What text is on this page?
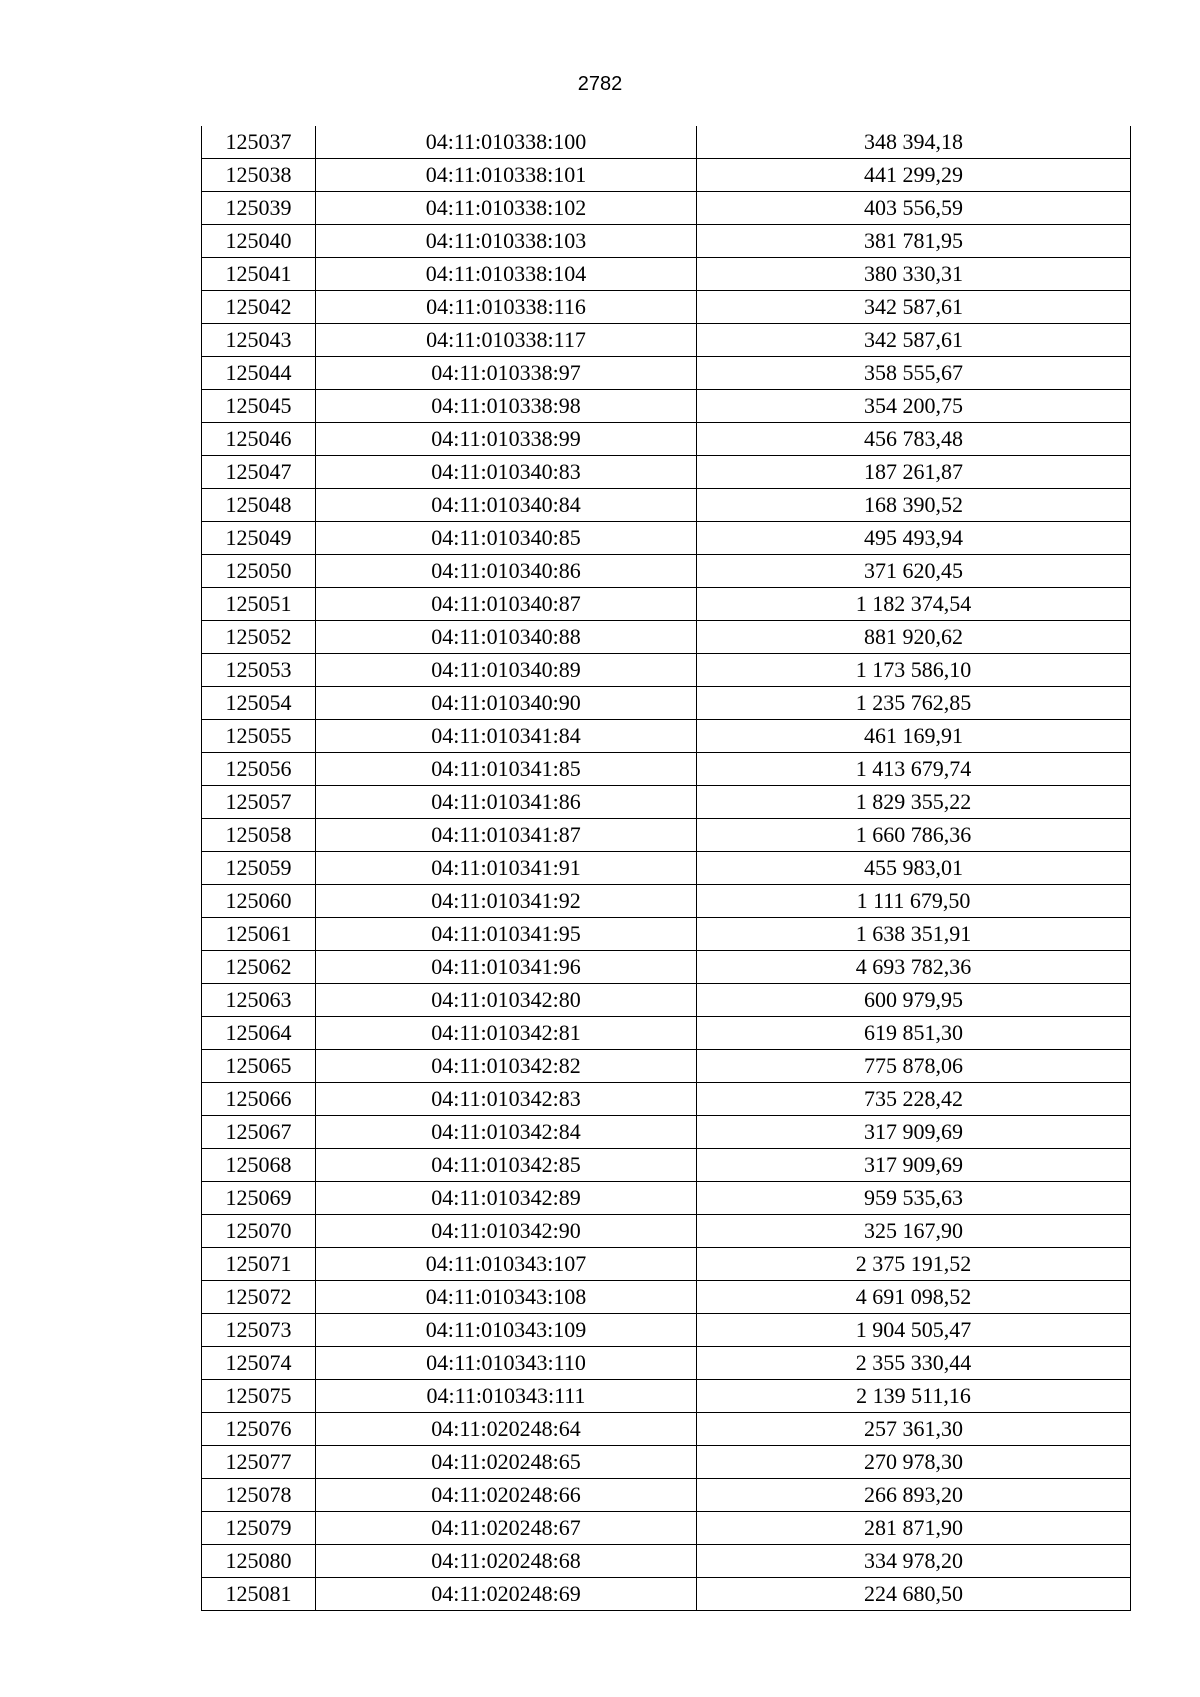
2782
125037	04:11:010338:100	348 394,18
125038	04:11:010338:101	441 299,29
125039	04:11:010338:102	403 556,59
125040	04:11:010338:103	381 781,95
125041	04:11:010338:104	380 330,31
125042	04:11:010338:116	342 587,61
125043	04:11:010338:117	342 587,61
125044	04:11:010338:97	358 555,67
125045	04:11:010338:98	354 200,75
125046	04:11:010338:99	456 783,48
125047	04:11:010340:83	187 261,87
125048	04:11:010340:84	168 390,52
125049	04:11:010340:85	495 493,94
125050	04:11:010340:86	371 620,45
125051	04:11:010340:87	1 182 374,54
125052	04:11:010340:88	881 920,62
125053	04:11:010340:89	1 173 586,10
125054	04:11:010340:90	1 235 762,85
125055	04:11:010341:84	461 169,91
125056	04:11:010341:85	1 413 679,74
125057	04:11:010341:86	1 829 355,22
125058	04:11:010341:87	1 660 786,36
125059	04:11:010341:91	455 983,01
125060	04:11:010341:92	1 111 679,50
125061	04:11:010341:95	1 638 351,91
125062	04:11:010341:96	4 693 782,36
125063	04:11:010342:80	600 979,95
125064	04:11:010342:81	619 851,30
125065	04:11:010342:82	775 878,06
125066	04:11:010342:83	735 228,42
125067	04:11:010342:84	317 909,69
125068	04:11:010342:85	317 909,69
125069	04:11:010342:89	959 535,63
125070	04:11:010342:90	325 167,90
125071	04:11:010343:107	2 375 191,52
125072	04:11:010343:108	4 691 098,52
125073	04:11:010343:109	1 904 505,47
125074	04:11:010343:110	2 355 330,44
125075	04:11:010343:111	2 139 511,16
125076	04:11:020248:64	257 361,30
125077	04:11:020248:65	270 978,30
125078	04:11:020248:66	266 893,20
125079	04:11:020248:67	281 871,90
125080	04:11:020248:68	334 978,20
125081	04:11:020248:69	224 680,50
